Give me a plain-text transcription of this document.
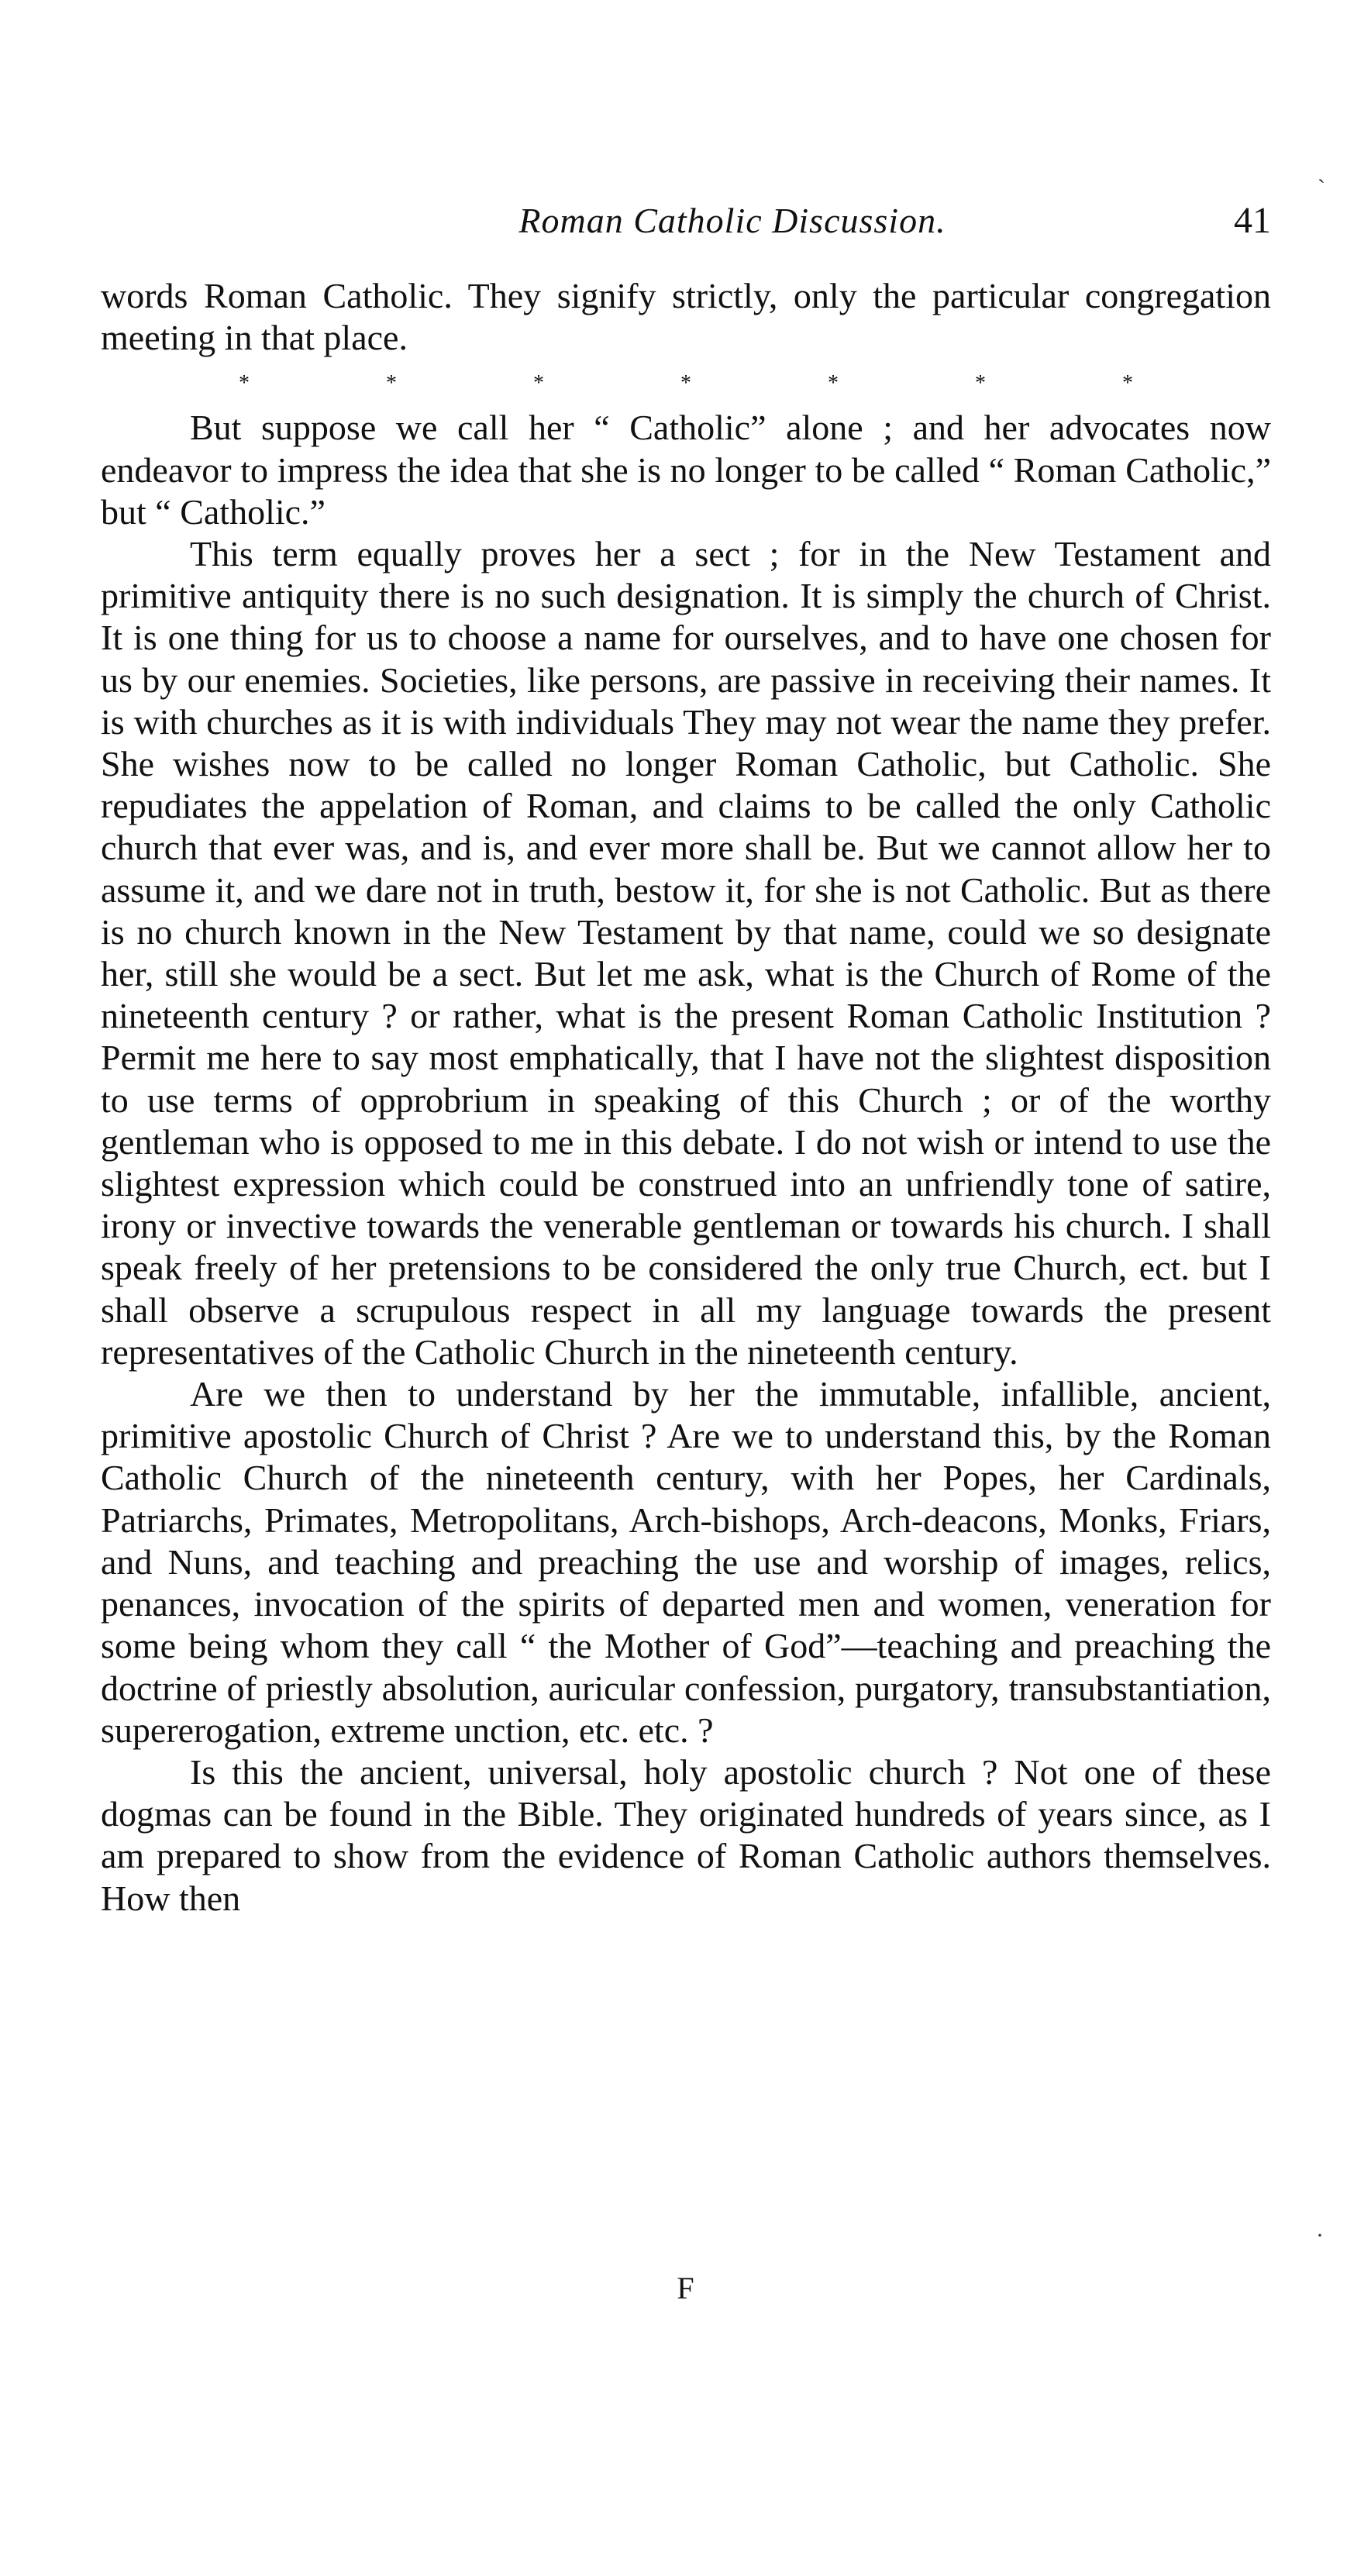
Roman Catholic Discussion.	41
ˋ

words Roman Catholic. They signify strictly, only the particular congregation meeting in that place.

*	*	*	*	*	*	*

But suppose we call her “ Catholic” alone ; and her advocates now endeavor to impress the idea that she is no longer to be called “ Roman Catholic,” but “ Catholic.”

This term equally proves her a sect ; for in the New Testament and primitive antiquity there is no such designation. It is simply the church of Christ. It is one thing for us to choose a name for ourselves, and to have one chosen for us by our enemies. Societies, like persons, are passive in receiving their names. It is with churches as it is with individuals They may not wear the name they prefer. She wishes now to be called no longer Roman Catholic, but Catholic. She repudiates the appelation of Roman, and claims to be called the only Catholic church that ever was, and is, and ever more shall be. But we cannot allow her to assume it, and we dare not in truth, bestow it, for she is not Catholic. But as there is no church known in the New Testament by that name, could we so designate her, still she would be a sect. But let me ask, what is the Church of Rome of the nineteenth century ? or rather, what is the present Roman Catholic Institution ? Permit me here to say most emphatically, that I have not the slightest disposition to use terms of opprobrium in speaking of this Church ; or of the worthy gentleman who is opposed to me in this debate. I do not wish or intend to use the slightest expression which could be construed into an unfriendly tone of satire, irony or invective towards the venerable gentleman or towards his church. I shall speak freely of her pretensions to be considered the only true Church, ect. but I shall observe a scrupulous respect in all my language towards the present representatives of the Catholic Church in the nineteenth century.

Are we then to understand by her the immutable, infallible, ancient, primitive apostolic Church of Christ ? Are we to understand this, by the Roman Catholic Church of the nineteenth century, with her Popes, her Cardinals, Patriarchs, Primates, Metropolitans, Arch-bishops, Arch-deacons, Monks, Friars, and Nuns, and teaching and preaching the use and worship of images, relics, penances, invocation of the spirits of departed men and women, veneration for some being whom they call “ the Mother of God”—teaching and preaching the doctrine of priestly absolution, auricular confession, purgatory, transubstantiation, supererogation, extreme unction, etc. etc. ?

Is this the ancient, universal, holy apostolic church ? Not one of these dogmas can be found in the Bible. They originated hundreds of years since, as I am prepared to show from the evidence of Roman Catholic authors themselves. How then

·
F
